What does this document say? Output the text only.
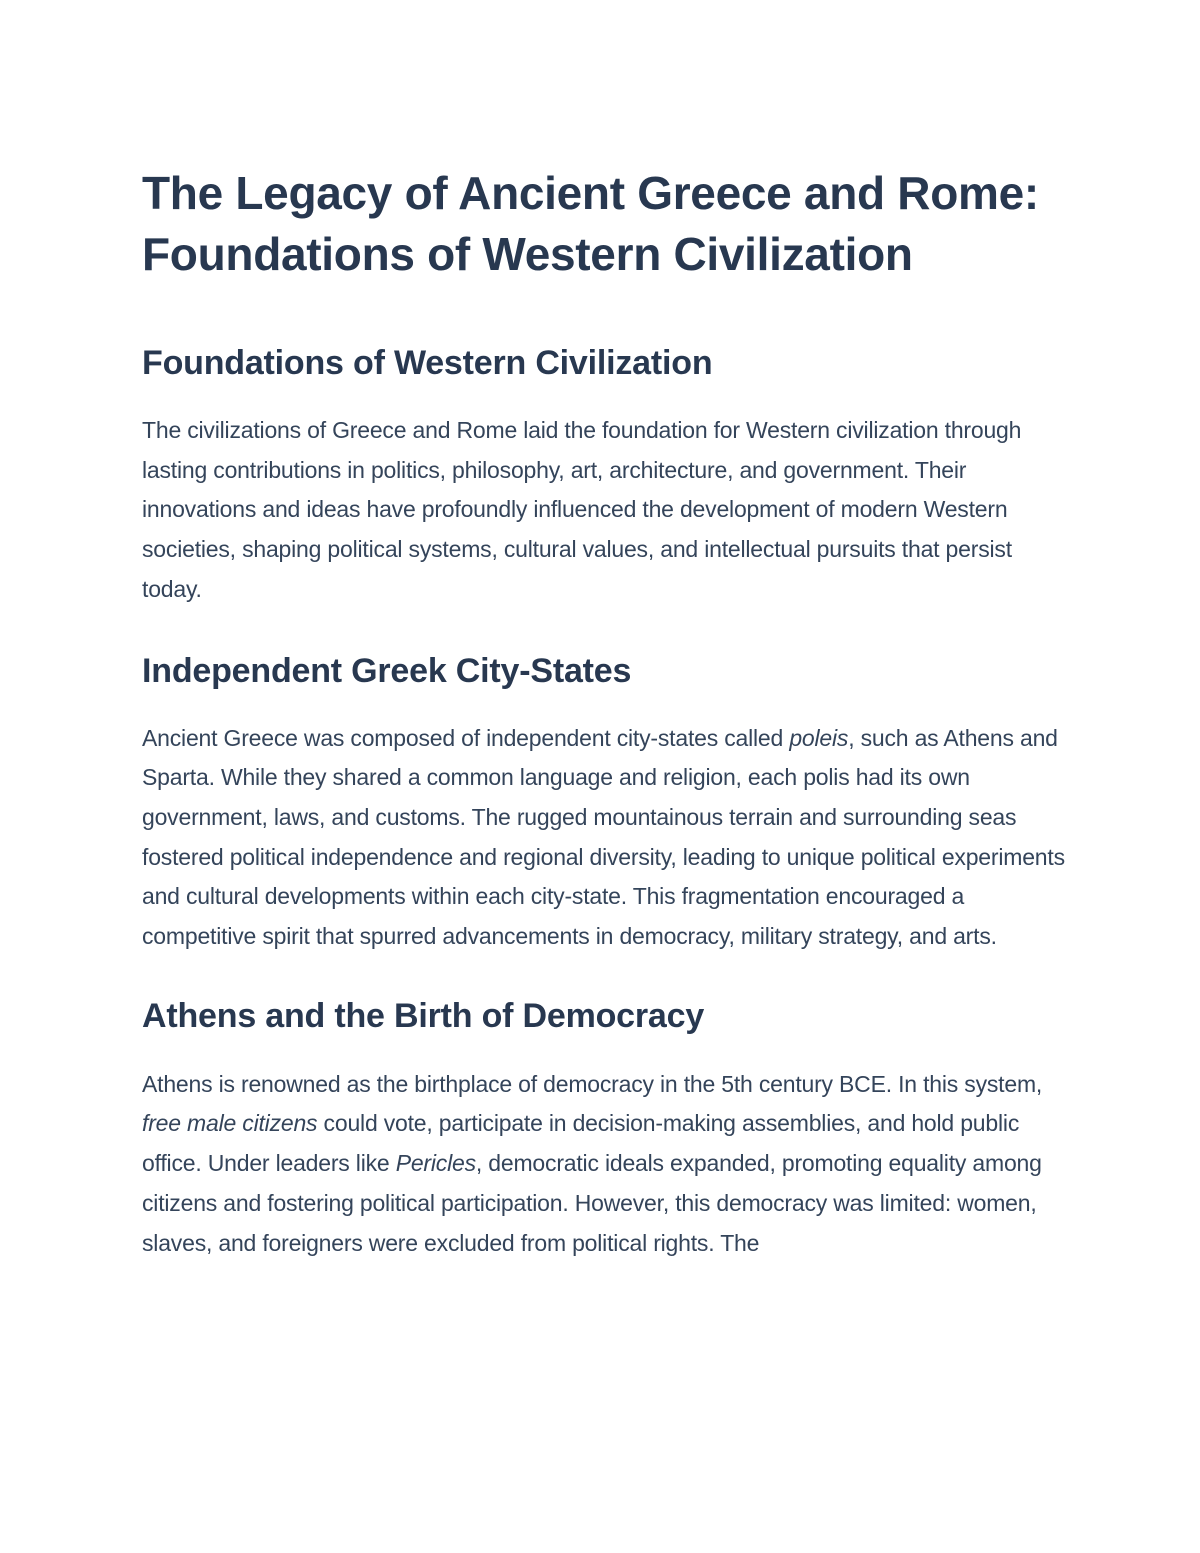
The Legacy of Ancient Greece and Rome: Foundations of Western Civilization
Foundations of Western Civilization

The civilizations of Greece and Rome laid the foundation for Western civilization through lasting contributions in politics, philosophy, art, architecture, and government. Their innovations and ideas have profoundly influenced the development of modern Western societies, shaping political systems, cultural values, and intellectual pursuits that persist today.

Independent Greek City-States

Ancient Greece was composed of independent city-states called poleis, such as Athens and Sparta. While they shared a common language and religion, each polis had its own government, laws, and customs. The rugged mountainous terrain and surrounding seas fostered political independence and regional diversity, leading to unique political experiments and cultural developments within each city-state. This fragmentation encouraged a competitive spirit that spurred advancements in democracy, military strategy, and arts.

Athens and the Birth of Democracy

Athens is renowned as the birthplace of democracy in the 5th century BCE. In this system, free male citizens could vote, participate in decision-making assemblies, and hold public office. Under leaders like Pericles, democratic ideals expanded, promoting equality among citizens and fostering political participation. However, this democracy was limited: women, slaves, and foreigners were excluded from political rights. The
